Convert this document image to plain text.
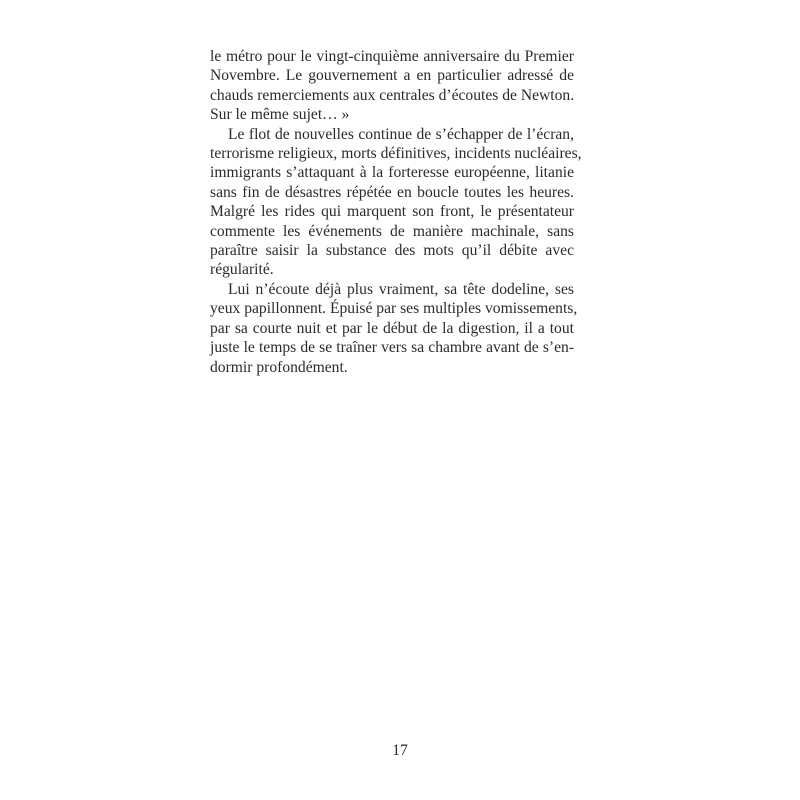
le métro pour le vingt-cinquième anniversaire du Premier
Novembre. Le gouvernement a en particulier adressé de
chauds remerciements aux centrales d’écoutes de Newton.
Sur le même sujet… »

Le flot de nouvelles continue de s’échapper de l’écran,
terrorisme religieux, morts définitives, incidents nucléaires,
immigrants s’attaquant à la forteresse européenne, litanie
sans fin de désastres répétée en boucle toutes les heures.
Malgré les rides qui marquent son front, le présentateur
commente les événements de manière machinale, sans
paraître saisir la substance des mots qu’il débite avec
régularité.

Lui n’écoute déjà plus vraiment, sa tête dodeline, ses
yeux papillonnent. Épuisé par ses multiples vomissements,
par sa courte nuit et par le début de la digestion, il a tout
juste le temps de se traîner vers sa chambre avant de s’en-
dormir profondément.

17
